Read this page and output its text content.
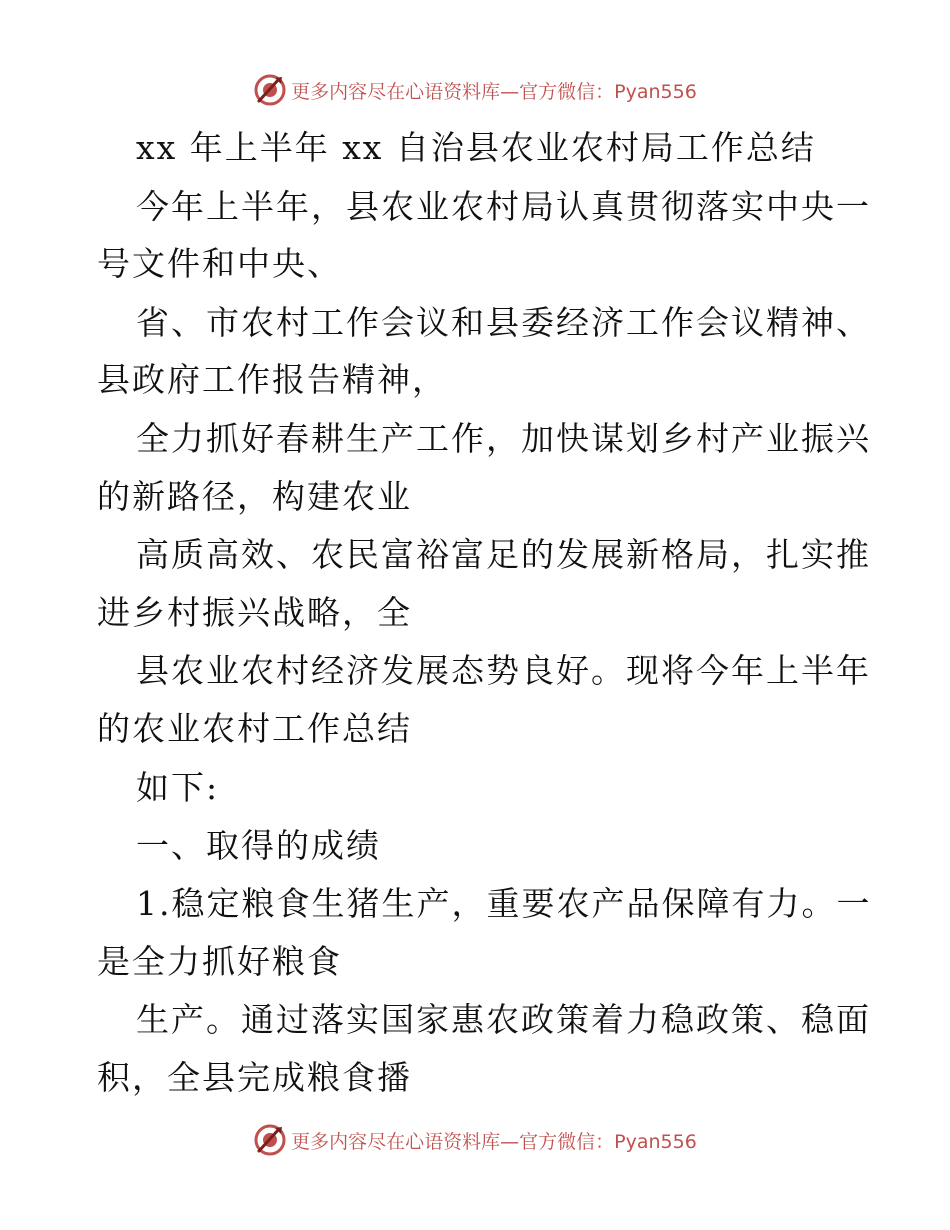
更多内容尽在心语资料库—官方微信：Pyan556
xx 年上半年 xx 自治县农业农村局工作总结
今年上半年，县农业农村局认真贯彻落实中央一
号文件和中央、
省、市农村工作会议和县委经济工作会议精神、
县政府工作报告精神，
全力抓好春耕生产工作，加快谋划乡村产业振兴
的新路径，构建农业
高质高效、农民富裕富足的发展新格局，扎实推
进乡村振兴战略，全
县农业农村经济发展态势良好。现将今年上半年
的农业农村工作总结
如下:
一、取得的成绩
1.稳定粮食生猪生产，重要农产品保障有力。一
是全力抓好粮食
生产。通过落实国家惠农政策着力稳政策、稳面
积，全县完成粮食播
更多内容尽在心语资料库—官方微信：Pyan556
